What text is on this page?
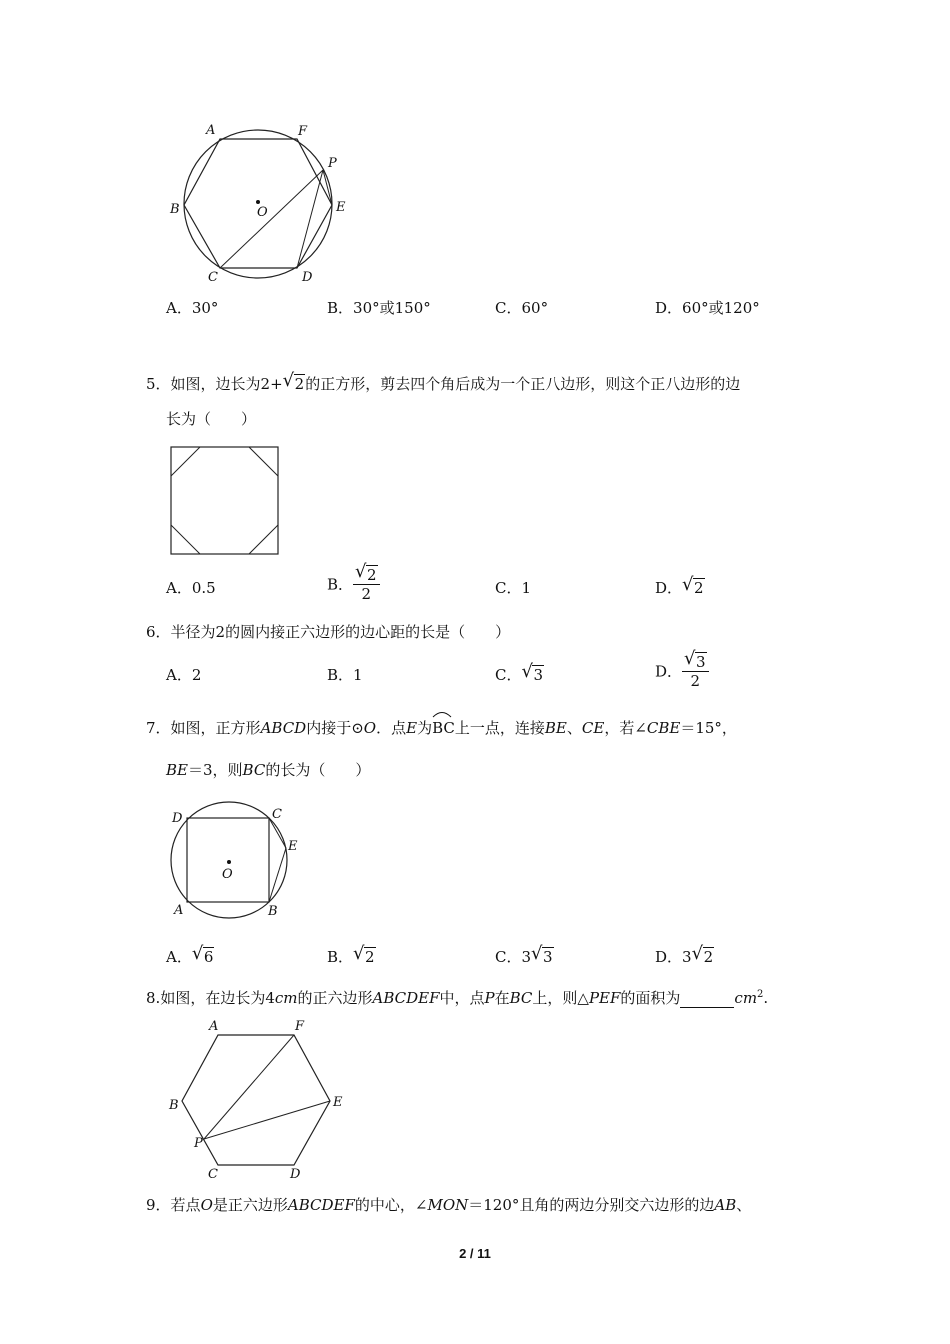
A	F
P
B	O	E
C	D
A．30°	B．30°或150°	C．60°	D．60°或120°
5．如图，边长为2+ √ 2的正方形，剪去四个角后成为一个正八边形，则这个正八边形的边
长为（　　）
A．0.5	B． $\frac{√ 2}{2}$	C．1	D． √ 2
6．半径为2的圆内接正六边形的边心距的长是（　　）
A．2	B．1	C． √ 3	D． $\frac{√ 3}{2}$
7．如图，正方形ABCD内接于⊙O．点E为
BC上一点，连接BE、CE，若∠CBE＝15°，
BE＝3，则BC的长为（　　）
D	C
E
O
A	B
A． √ 6	B． √ 2	C．3 √ 3	D．3 √ 2
8.如图，在边长为4cm的正六边形ABCDEF中，点P在BC上，则△PEF的面积为	$cm^2$.
A	F
B	E
P
C	D
9．若点O是正六边形ABCDEF的中心，∠MON＝120°且角的两边分别交六边形的边AB、
2 / 11
